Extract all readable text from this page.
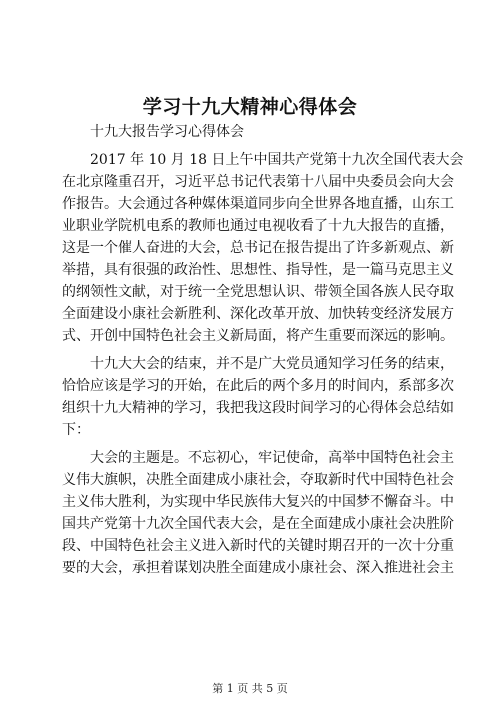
学习十九大精神心得体会
十九大报告学习心得体会
2017 年 10 月 18 日上午中国共产党第十九次全国代表大会
在北京隆重召开，习近平总书记代表第十八届中央委员会向大会
作报告。大会通过各种媒体渠道同步向全世界各地直播，山东工
业职业学院机电系的教师也通过电视收看了十九大报告的直播，
这是一个催人奋进的大会，总书记在报告提出了许多新观点、新
举措，具有很强的政治性、思想性、指导性，是一篇马克思主义
的纲领性文献，对于统一全党思想认识、带领全国各族人民夺取
全面建设小康社会新胜利、深化改革开放、加快转变经济发展方
式、开创中国特色社会主义新局面，将产生重要而深远的影响。
十九大大会的结束，并不是广大党员通知学习任务的结束，
恰恰应该是学习的开始，在此后的两个多月的时间内，系部多次
组织十九大精神的学习，我把我这段时间学习的心得体会总结如
下：
大会的主题是。不忘初心，牢记使命，高举中国特色社会主
义伟大旗帜，决胜全面建成小康社会，夺取新时代中国特色社会
主义伟大胜利，为实现中华民族伟大复兴的中国梦不懈奋斗。中
国共产党第十九次全国代表大会，是在全面建成小康社会决胜阶
段、中国特色社会主义进入新时代的关键时期召开的一次十分重
要的大会，承担着谋划决胜全面建成小康社会、深入推进社会主
第 1 页 共 5 页
